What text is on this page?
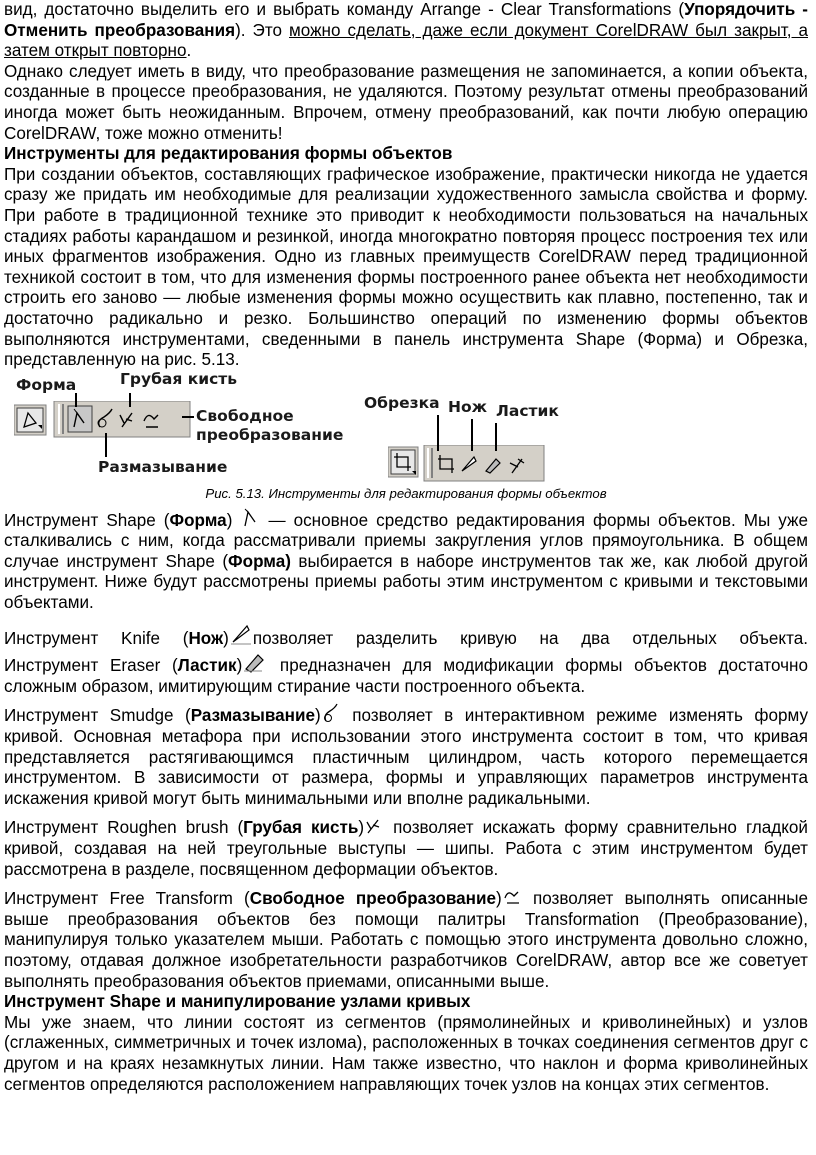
вид, достаточно выделить его и выбрать команду Arrange - Clear Transformations (Упорядочить - Отменить преобразования). Это можно сделать, даже если документ CorelDRAW был закрыт, а затем открыт повторно.

Однако следует иметь в виду, что преобразование размещения не запоминается, а копии объекта, созданные в процессе преобразования, не удаляются. Поэтому результат отмены преобразований иногда может быть неожиданным. Впрочем, отмену преобразований, как почти любую операцию CorelDRAW, тоже можно отменить!

Инструменты для редактирования формы объектов

При создании объектов, составляющих графическое изображение, практически никогда не удается сразу же придать им необходимые для реализации художественного замысла свойства и форму. При работе в традиционной технике это приводит к необходимости пользоваться на начальных стадиях работы карандашом и резинкой, иногда многократно повторяя процесс построения тех или иных фрагментов изображения. Одно из главных преимуществ CorelDRAW перед традиционной техникой состоит в том, что для изменения формы построенного ранее объекта нет необходимости строить его заново — любые изменения формы можно осуществить как плавно, постепенно, так и достаточно радикально и резко. Большинство операций по изменению формы объектов выполняются инструментами, сведенными в панель инструмента Shape (Форма) и Обрезка, представленную на рис. 5.13.

Форма	Грубая кисть
Свободное
преобразование
Размазывание
Обрезка Нож Ластик

Рис. 5.13. Инструменты для редактирования формы объектов

Инструмент Shape (Форма)  — основное средство редактирования формы объектов. Мы уже сталкивались с ним, когда рассматривали приемы закругления углов прямоугольника. В общем случае инструмент Shape (Форма) выбирается в наборе инструментов так же, как любой другой инструмент. Ниже будут рассмотрены приемы работы этим инструментом с кривыми и текстовыми объектами.

Инструмент Knife (Нож) позволяет разделить кривую на два отдельных объекта.

Инструмент Eraser (Ластик) предназначен для модификации формы объектов достаточно сложным образом, имитирующим стирание части построенного объекта.

Инструмент Smudge (Размазывание) позволяет в интерактивном режиме изменять форму кривой. Основная метафора при использовании этого инструмента состоит в том, что кривая представляется растягивающимся пластичным цилиндром, часть которого перемещается инструментом. В зависимости от размера, формы и управляющих параметров инструмента искажения кривой могут быть минимальными или вполне радикальными.

Инструмент Roughen brush (Грубая кисть) позволяет искажать форму сравнительно гладкой кривой, создавая на ней треугольные выступы — шипы. Работа с этим инструментом будет рассмотрена в разделе, посвященном деформации объектов.

Инструмент Free Transform (Свободное преобразование) позволяет выполнять описанные выше преобразования объектов без помощи палитры Transformation (Преобразование), манипулируя только указателем мыши. Работать с помощью этого инструмента довольно сложно, поэтому, отдавая должное изобретательности разработчиков CorelDRAW, автор все же советует выполнять преобразования объектов приемами, описанными выше.

Инструмент Shape и манипулирование узлами кривых

Мы уже знаем, что линии состоят из сегментов (прямолинейных и криволинейных) и узлов (сглаженных, симметричных и точек излома), расположенных в точках соединения сегментов друг с другом и на краях незамкнутых линии. Нам также известно, что наклон и форма криволинейных сегментов определяются расположением направляющих точек узлов на концах этих сегментов.
